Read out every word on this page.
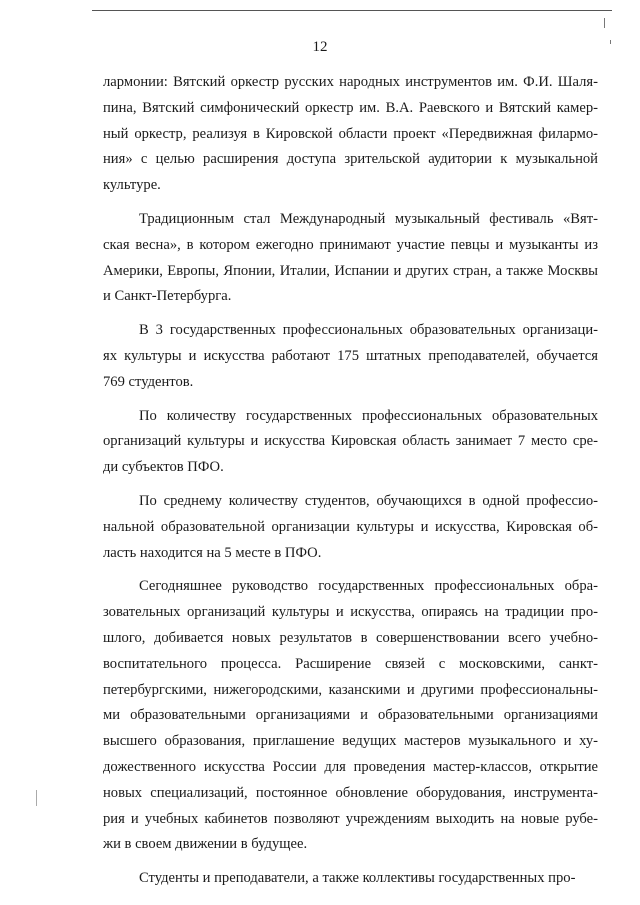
12
лармонии: Вятский оркестр русских народных инструментов им. Ф.И. Шаля-
пина, Вятский симфонический оркестр им. В.А. Раевского и Вятский камер-
ный оркестр, реализуя в Кировской области проект «Передвижная филармо-
ния» с целью расширения доступа зрительской аудитории к музыкальной
культуре.
Традиционным стал Международный музыкальный фестиваль «Вят-
ская весна», в котором ежегодно принимают участие певцы и музыканты из
Америки, Европы, Японии, Италии, Испании и других стран, а также Москвы
и Санкт-Петербурга.
В 3 государственных профессиональных образовательных организаци-
ях культуры и искусства работают 175 штатных преподавателей, обучается
769 студентов.
По количеству государственных профессиональных образовательных
организаций культуры и искусства Кировская область занимает 7 место сре-
ди субъектов ПФО.
По среднему количеству студентов, обучающихся в одной профессио-
нальной образовательной организации культуры и искусства, Кировская об-
ласть находится на 5 месте в ПФО.
Сегодняшнее руководство государственных профессиональных обра-
зовательных организаций культуры и искусства, опираясь на традиции про-
шлого, добивается новых результатов в совершенствовании всего учебно-
воспитательного процесса. Расширение связей с московскими, санкт-
петербургскими, нижегородскими, казанскими и другими профессиональны-
ми образовательными организациями и образовательными организациями
высшего образования, приглашение ведущих мастеров музыкального и ху-
дожественного искусства России для проведения мастер-классов, открытие
новых специализаций, постоянное обновление оборудования, инструмента-
рия и учебных кабинетов позволяют учреждениям выходить на новые рубе-
жи в своем движении в будущее.
Студенты и преподаватели, а также коллективы государственных про-
